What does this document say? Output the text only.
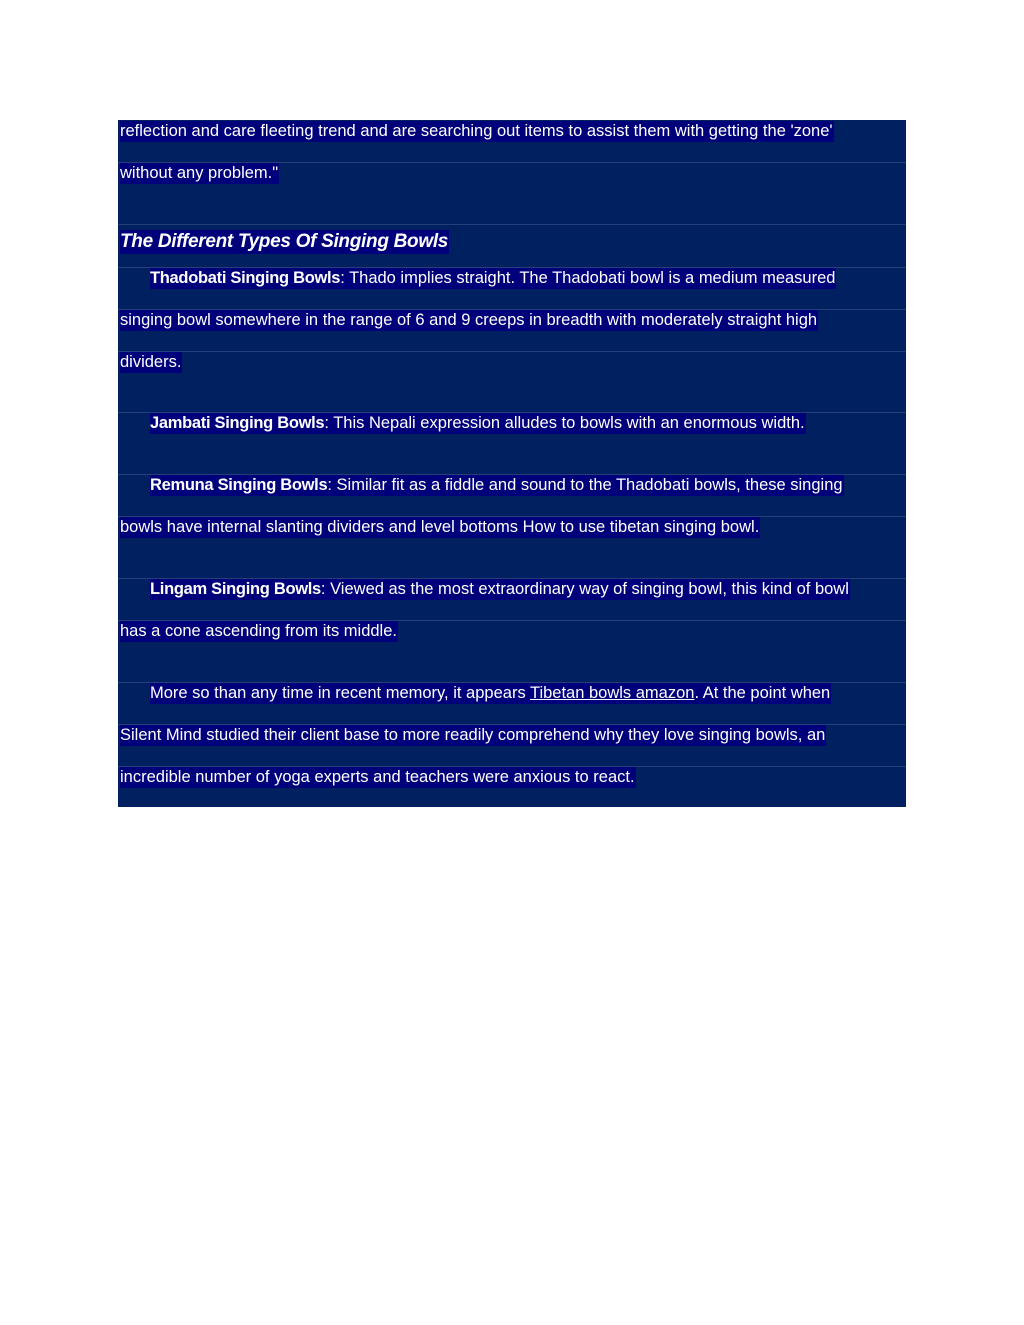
reflection and care fleeting trend and are searching out items to assist them with getting the 'zone'
without any problem."
The Different Types Of Singing Bowls
Thadobati Singing Bowls: Thado implies straight. The Thadobati bowl is a medium measured
singing bowl somewhere in the range of 6 and 9 creeps in breadth with moderately straight high
dividers.
Jambati Singing Bowls: This Nepali expression alludes to bowls with an enormous width.
Remuna Singing Bowls: Similar fit as a fiddle and sound to the Thadobati bowls, these singing
bowls have internal slanting dividers and level bottoms How to use tibetan singing bowl.
Lingam Singing Bowls: Viewed as the most extraordinary way of singing bowl, this kind of bowl
has a cone ascending from its middle.
More so than any time in recent memory, it appears Tibetan bowls amazon. At the point when
Silent Mind studied their client base to more readily comprehend why they love singing bowls, an
incredible number of yoga experts and teachers were anxious to react.
